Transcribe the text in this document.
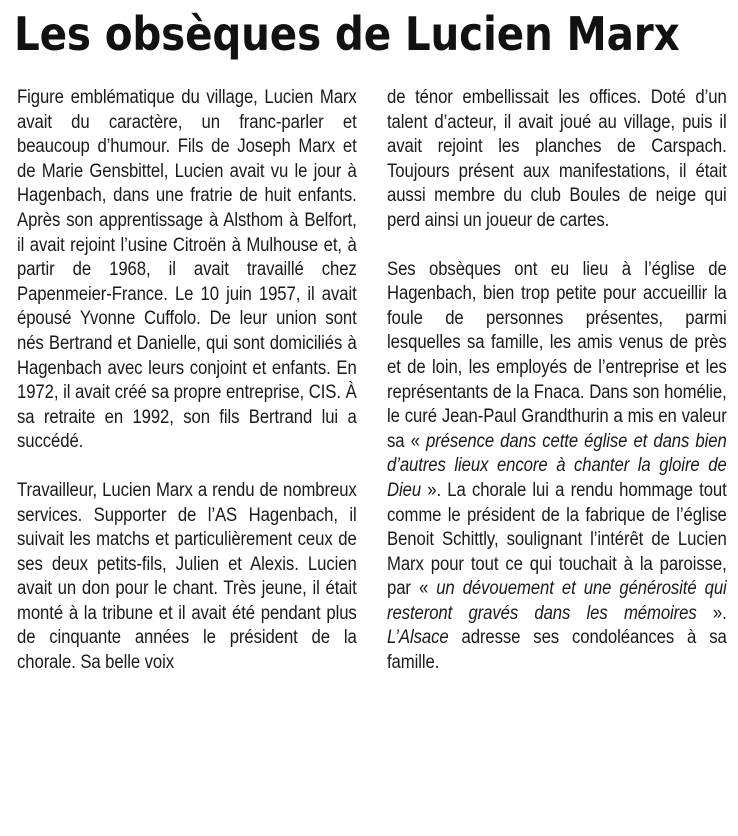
Les obsèques de Lucien Marx

Figure emblématique du village, Lucien Marx avait du caractère, un franc-parler et beaucoup d’humour. Fils de Joseph Marx et de Marie Gensbittel, Lucien avait vu le jour à Hagenbach, dans une fratrie de huit enfants. Après son apprentissage à Alsthom à Belfort, il avait rejoint l’usine Citroën à Mulhouse et, à partir de 1968, il avait travaillé chez Papenmeier-France. Le 10 juin 1957, il avait épousé Yvonne Cuffolo. De leur union sont nés Bertrand et Danielle, qui sont domiciliés à Hagenbach avec leurs conjoint et enfants. En 1972, il avait créé sa propre entreprise, CIS. À sa retraite en 1992, son fils Bertrand lui a succédé.

Travailleur, Lucien Marx a rendu de nombreux services. Supporter de l’AS Hagenbach, il suivait les matchs et particulièrement ceux de ses deux petits-fils, Julien et Alexis. Lucien avait un don pour le chant. Très jeune, il était monté à la tribune et il avait été pendant plus de cinquante années le président de la chorale. Sa belle voix

de ténor embellissait les offices. Doté d’un talent d’acteur, il avait joué au village, puis il avait rejoint les planches de Carspach. Toujours présent aux manifestations, il était aussi membre du club Boules de neige qui perd ainsi un joueur de cartes.

Ses obsèques ont eu lieu à l’église de Hagenbach, bien trop petite pour accueillir la foule de personnes présentes, parmi lesquelles sa famille, les amis venus de près et de loin, les employés de l’entreprise et les représentants de la Fnaca. Dans son homélie, le curé Jean-Paul Grandthurin a mis en valeur sa « présence dans cette église et dans bien d’autres lieux encore à chanter la gloire de Dieu ». La chorale lui a rendu hommage tout comme le président de la fabrique de l’église Benoit Schittly, soulignant l’intérêt de Lucien Marx pour tout ce qui touchait à la paroisse, par « un dévouement et une générosité qui resteront gravés dans les mémoires ». L’Alsace adresse ses condoléances à sa famille.
